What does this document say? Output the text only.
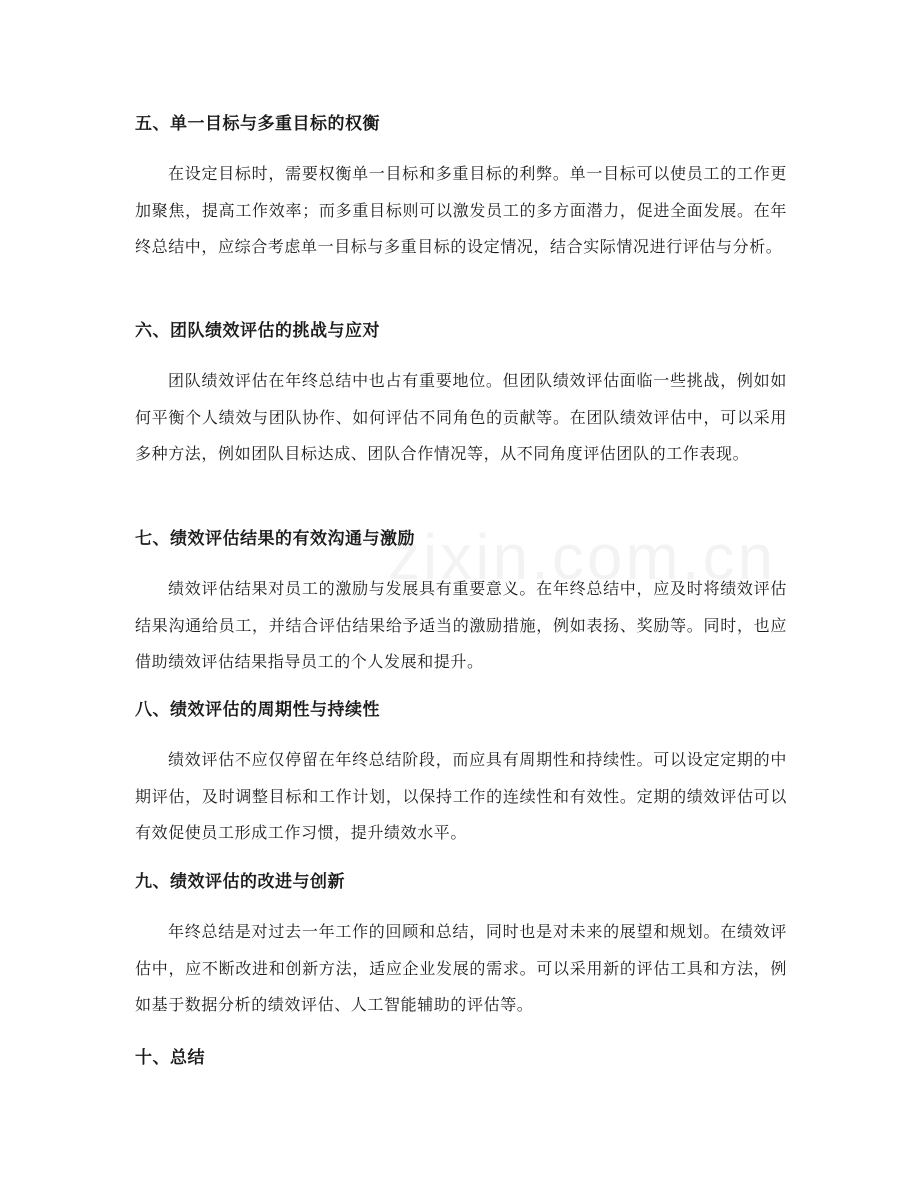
五、单一目标与多重目标的权衡

在设定目标时，需要权衡单一目标和多重目标的利弊。单一目标可以使员工的工作更加聚焦，提高工作效率；而多重目标则可以激发员工的多方面潜力，促进全面发展。在年终总结中，应综合考虑单一目标与多重目标的设定情况，结合实际情况进行评估与分析。

六、团队绩效评估的挑战与应对

团队绩效评估在年终总结中也占有重要地位。但团队绩效评估面临一些挑战，例如如何平衡个人绩效与团队协作、如何评估不同角色的贡献等。在团队绩效评估中，可以采用多种方法，例如团队目标达成、团队合作情况等，从不同角度评估团队的工作表现。

七、绩效评估结果的有效沟通与激励

绩效评估结果对员工的激励与发展具有重要意义。在年终总结中，应及时将绩效评估结果沟通给员工，并结合评估结果给予适当的激励措施，例如表扬、奖励等。同时，也应借助绩效评估结果指导员工的个人发展和提升。

八、绩效评估的周期性与持续性

绩效评估不应仅停留在年终总结阶段，而应具有周期性和持续性。可以设定定期的中期评估，及时调整目标和工作计划，以保持工作的连续性和有效性。定期的绩效评估可以有效促使员工形成工作习惯，提升绩效水平。

九、绩效评估的改进与创新

年终总结是对过去一年工作的回顾和总结，同时也是对未来的展望和规划。在绩效评估中，应不断改进和创新方法，适应企业发展的需求。可以采用新的评估工具和方法，例如基于数据分析的绩效评估、人工智能辅助的评估等。

十、总结
